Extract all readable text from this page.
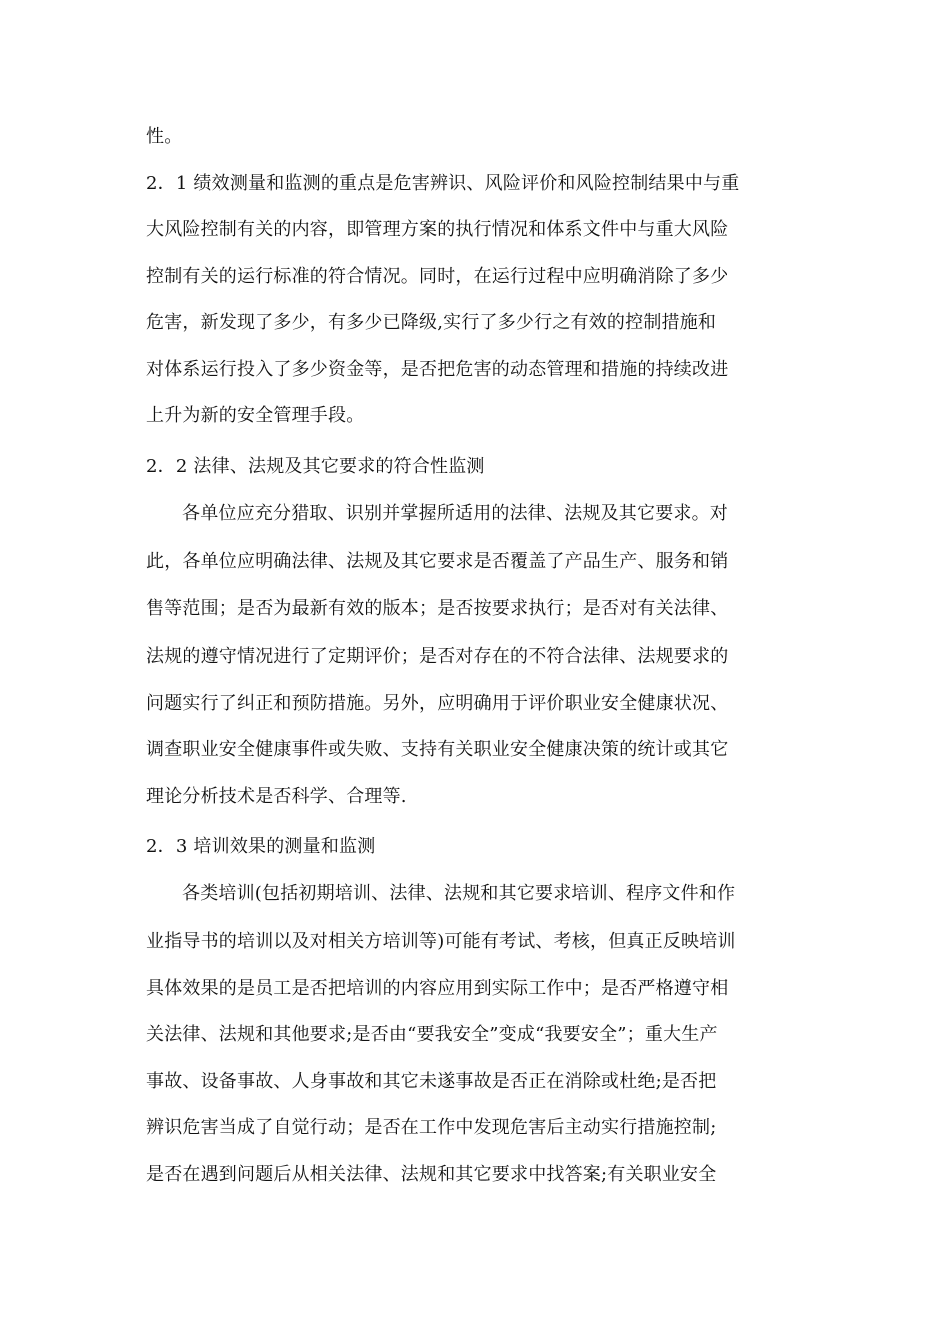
性。
2．1 绩效测量和监测的重点是危害辨识、风险评价和风险控制结果中与重
大风险控制有关的内容，即管理方案的执行情况和体系文件中与重大风险
控制有关的运行标准的符合情况。同时，在运行过程中应明确消除了多少
危害，新发现了多少，有多少已降级,实行了多少行之有效的控制措施和
对体系运行投入了多少资金等，是否把危害的动态管理和措施的持续改进
上升为新的安全管理手段。
2．2 法律、法规及其它要求的符合性监测
各单位应充分猎取、识别并掌握所适用的法律、法规及其它要求。对
此，各单位应明确法律、法规及其它要求是否覆盖了产品生产、服务和销
售等范围；是否为最新有效的版本；是否按要求执行；是否对有关法律、
法规的遵守情况进行了定期评价；是否对存在的不符合法律、法规要求的
问题实行了纠正和预防措施。另外，应明确用于评价职业安全健康状况、
调查职业安全健康事件或失败、支持有关职业安全健康决策的统计或其它
理论分析技术是否科学、合理等.
2．3 培训效果的测量和监测
各类培训(包括初期培训、法律、法规和其它要求培训、程序文件和作
业指导书的培训以及对相关方培训等)可能有考试、考核，但真正反映培训
具体效果的是员工是否把培训的内容应用到实际工作中；是否严格遵守相
关法律、法规和其他要求;是否由“要我安全”变成“我要安全”；重大生产
事故、设备事故、人身事故和其它未遂事故是否正在消除或杜绝;是否把
辨识危害当成了自觉行动；是否在工作中发现危害后主动实行措施控制;
是否在遇到问题后从相关法律、法规和其它要求中找答案;有关职业安全
